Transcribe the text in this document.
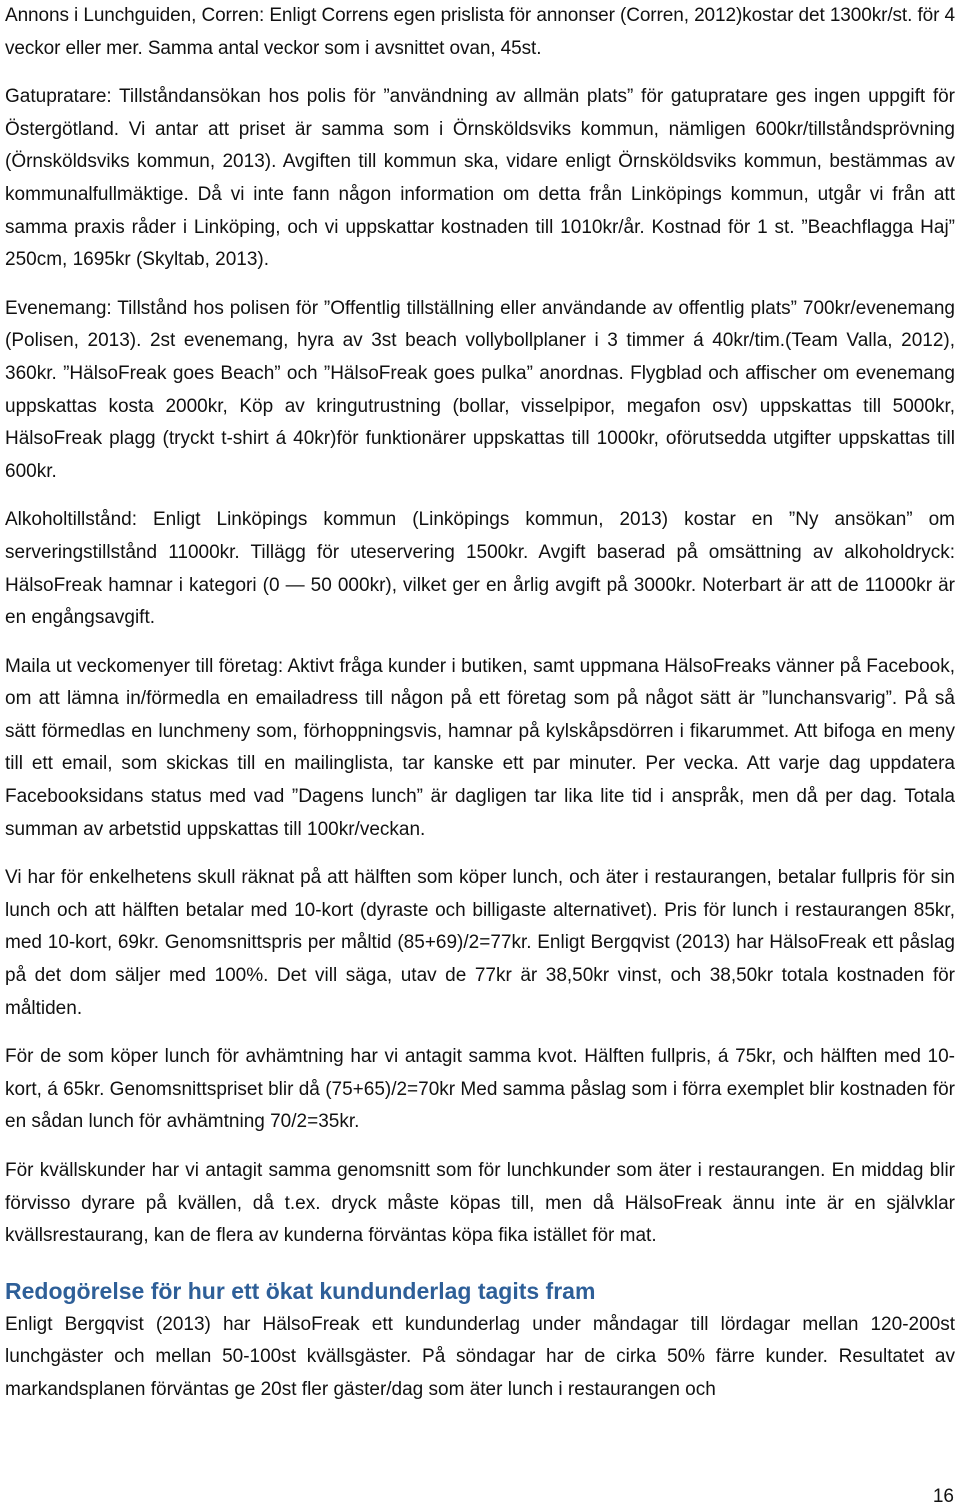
Annons i Lunchguiden, Corren: Enligt Correns egen prislista för annonser (Corren, 2012)kostar det 1300kr/st. för 4 veckor eller mer. Samma antal veckor som i avsnittet ovan, 45st.

Gatupratare: Tillståndansökan hos polis för ”användning av allmän plats” för gatupratare ges ingen uppgift för Östergötland. Vi antar att priset är samma som i Örnsköldsviks kommun, nämligen 600kr/tillståndsprövning (Örnsköldsviks kommun, 2013). Avgiften till kommun ska, vidare enligt Örnsköldsviks kommun, bestämmas av kommunalfullmäktige. Då vi inte fann någon information om detta från Linköpings kommun, utgår vi från att samma praxis råder i Linköping, och vi uppskattar kostnaden till 1010kr/år. Kostnad för 1 st. ”Beachflagga Haj” 250cm, 1695kr (Skyltab, 2013).

Evenemang: Tillstånd hos polisen för ”Offentlig tillställning eller användande av offentlig plats” 700kr/evenemang (Polisen, 2013). 2st evenemang, hyra av 3st beach vollybollplaner i 3 timmer á 40kr/tim.(Team Valla, 2012), 360kr. ”HälsoFreak goes Beach” och ”HälsoFreak goes pulka” anordnas. Flygblad och affischer om evenemang uppskattas kosta 2000kr, Köp av kringutrustning (bollar, visselpipor, megafon osv) uppskattas till 5000kr, HälsoFreak plagg (tryckt t-shirt á 40kr)för funktionärer uppskattas till 1000kr, oförutsedda utgifter uppskattas till 600kr.

Alkoholtillstånd: Enligt Linköpings kommun (Linköpings kommun, 2013) kostar en ”Ny ansökan” om serveringstillstånd 11000kr. Tillägg för uteservering 1500kr. Avgift baserad på omsättning av alkoholdryck: HälsoFreak hamnar i kategori (0 — 50 000kr), vilket ger en årlig avgift på 3000kr. Noterbart är att de 11000kr är en engångsavgift.

Maila ut veckomenyer till företag: Aktivt fråga kunder i butiken, samt uppmana HälsoFreaks vänner på Facebook, om att lämna in/förmedla en emailadress till någon på ett företag som på något sätt är ”lunchansvarig”. På så sätt förmedlas en lunchmeny som, förhoppningsvis, hamnar på kylskåpsdörren i fikarummet. Att bifoga en meny till ett email, som skickas till en mailinglista, tar kanske ett par minuter. Per vecka. Att varje dag uppdatera Facebooksidans status med vad ”Dagens lunch” är dagligen tar lika lite tid i anspråk, men då per dag. Totala summan av arbetstid uppskattas till 100kr/veckan.

Vi har för enkelhetens skull räknat på att hälften som köper lunch, och äter i restaurangen, betalar fullpris för sin lunch och att hälften betalar med 10-kort (dyraste och billigaste alternativet). Pris för lunch i restaurangen 85kr, med 10-kort, 69kr. Genomsnittspris per måltid (85+69)/2=77kr. Enligt Bergqvist (2013) har HälsoFreak ett påslag på det dom säljer med 100%. Det vill säga, utav de 77kr är 38,50kr vinst, och 38,50kr totala kostnaden för måltiden.

För de som köper lunch för avhämtning har vi antagit samma kvot. Hälften fullpris, á 75kr, och hälften med 10-kort, á 65kr. Genomsnittspriset blir då (75+65)/2=70kr Med samma påslag som i förra exemplet blir kostnaden för en sådan lunch för avhämtning 70/2=35kr.

För kvällskunder har vi antagit samma genomsnitt som för lunchkunder som äter i restaurangen. En middag blir förvisso dyrare på kvällen, då t.ex. dryck måste köpas till, men då HälsoFreak ännu inte är en självklar kvällsrestaurang, kan de flera av kunderna förväntas köpa fika istället för mat.

Redogörelse för hur ett ökat kundunderlag tagits fram

Enligt Bergqvist (2013) har HälsoFreak ett kundunderlag under måndagar till lördagar mellan 120-200st lunchgäster och mellan 50-100st kvällsgäster. På söndagar har de cirka 50% färre kunder. Resultatet av markandsplanen förväntas ge 20st fler gäster/dag som äter lunch i restaurangen och

16
